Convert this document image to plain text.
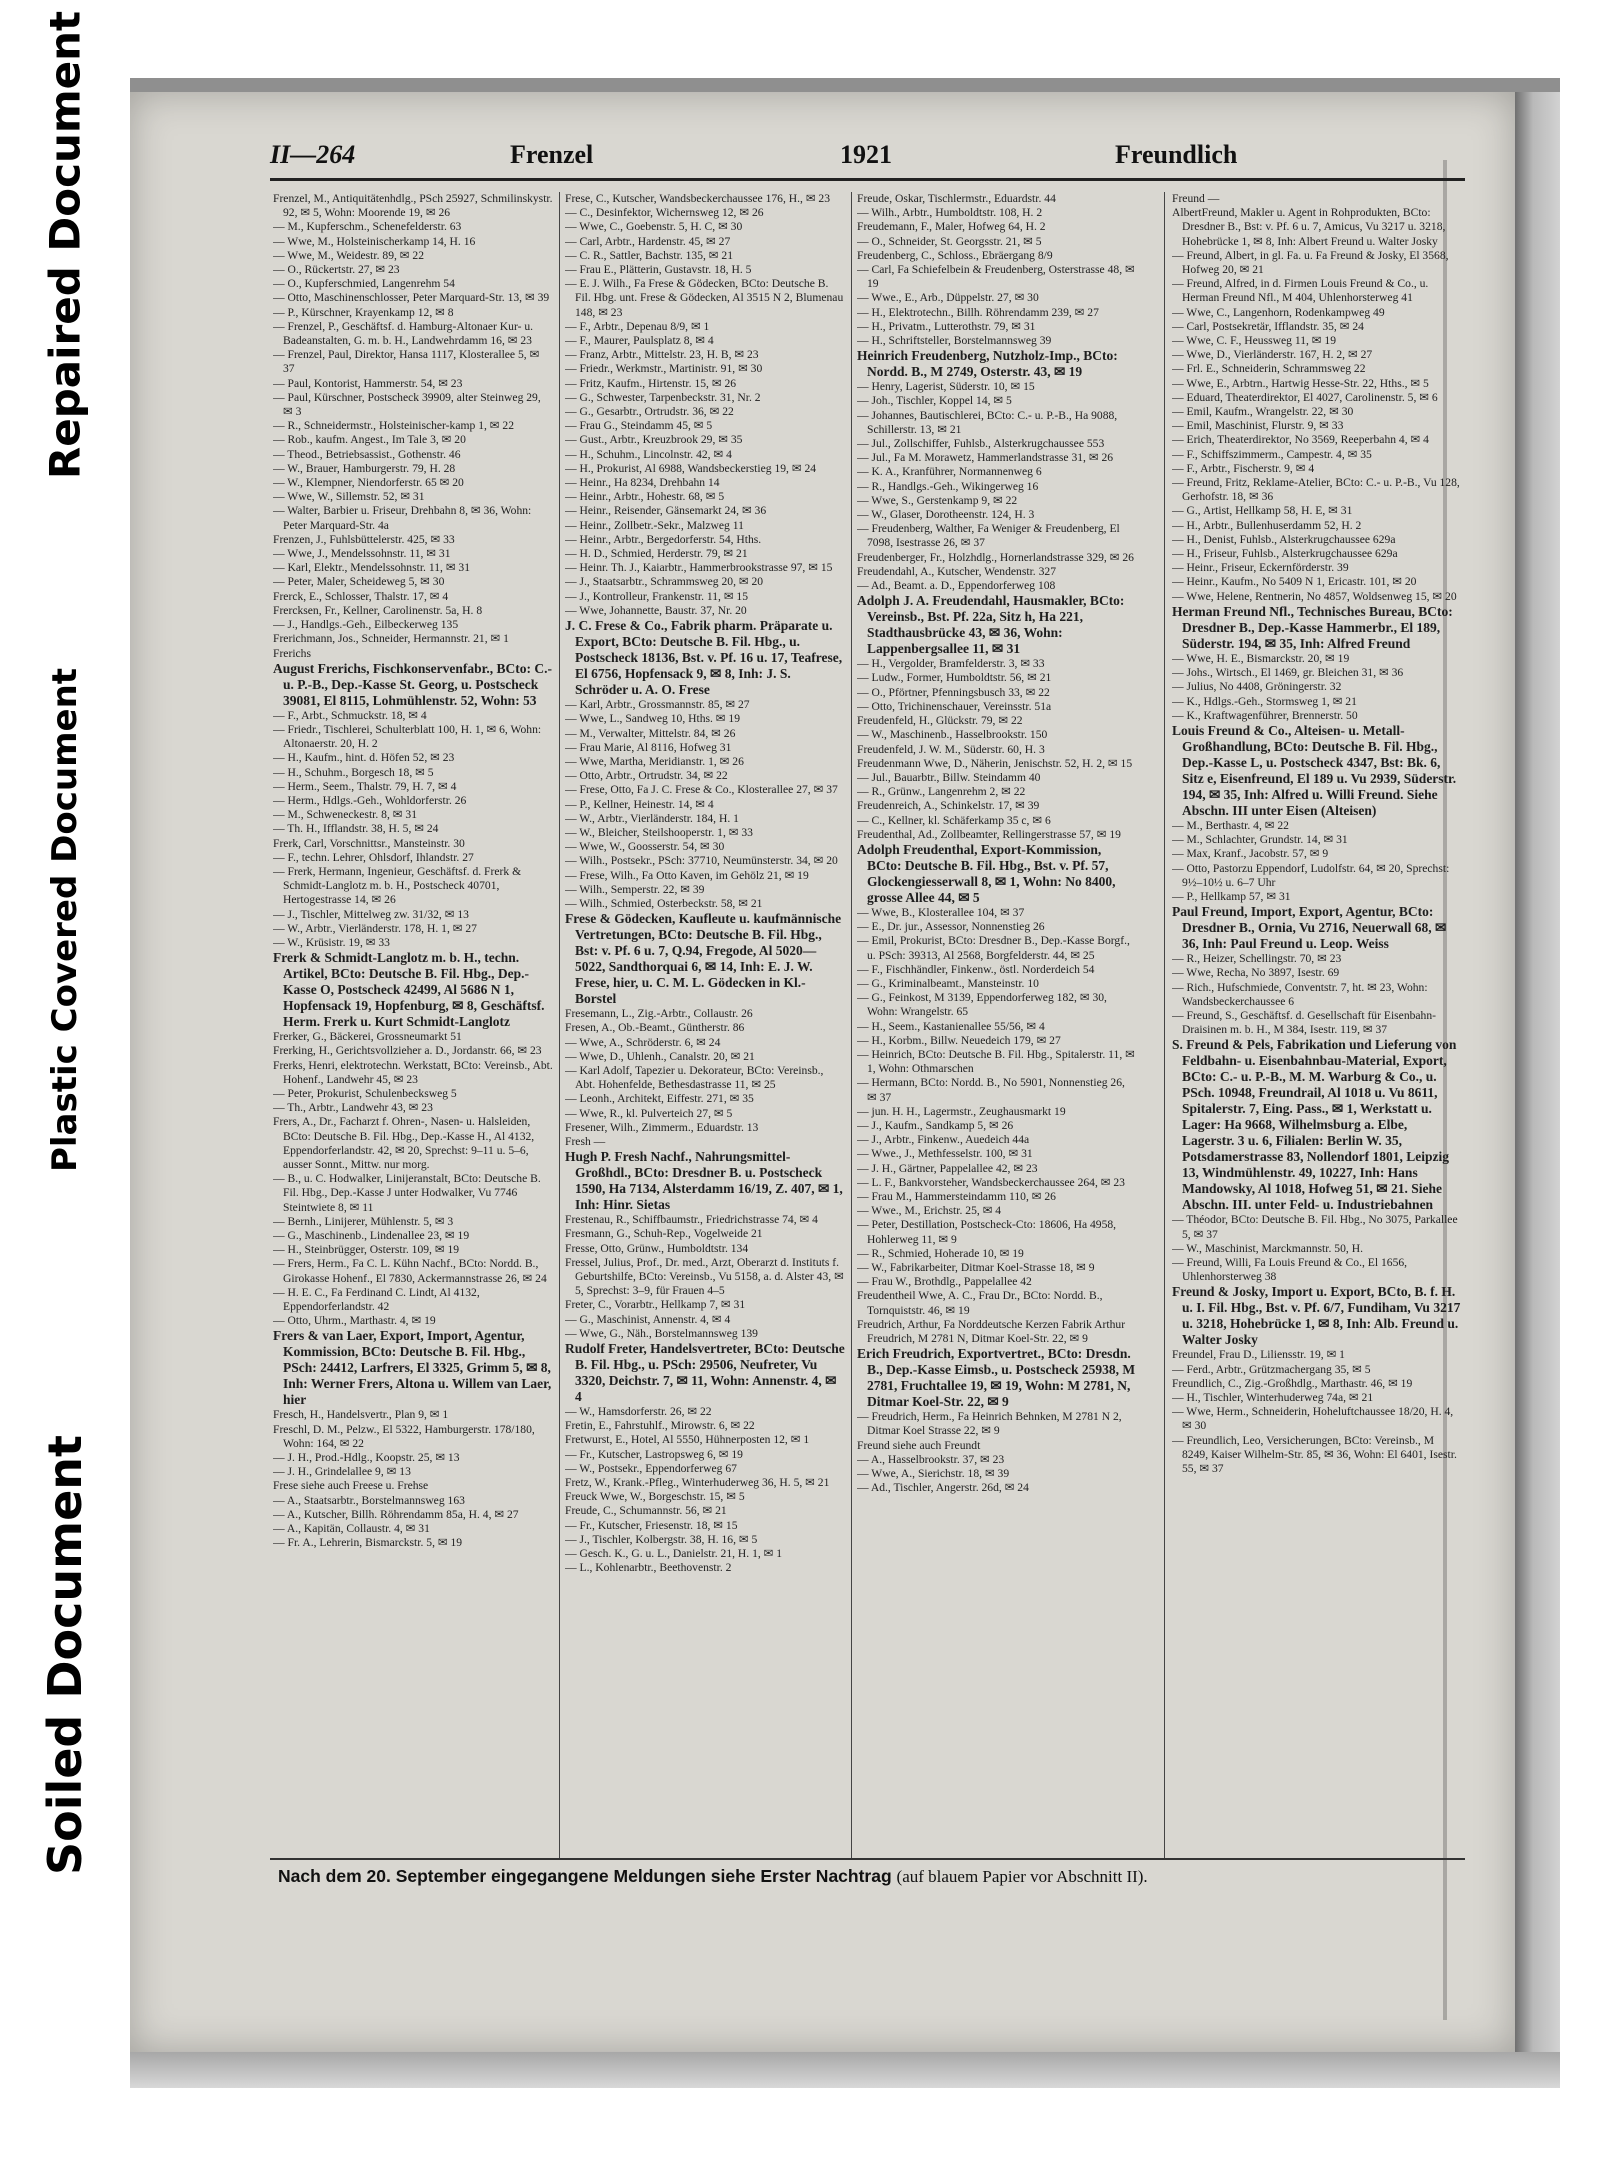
Repaired Document
Plastic Covered Document
Soiled Document
II—264	Frenzel	1921	Freundlich

Frenzel, M., Antiquitätenhdlg., PSch 25927, Schmilinskystr. 92, ✉ 5, Wohn: Moorende 19, ✉ 26

— M., Kupferschm., Schenefelderstr. 63

— Wwe, M., Holsteinischerkamp 14, H. 16

— Wwe, M., Weidestr. 89, ✉ 22

— O., Rückertstr. 27, ✉ 23

— O., Kupferschmied, Langenrehm 54

— Otto, Maschinenschlosser, Peter Marquard-Str. 13, ✉ 39

— P., Kürschner, Krayenkamp 12, ✉ 8

— Frenzel, P., Geschäftsf. d. Hamburg-Altonaer Kur- u. Badeanstalten, G. m. b. H., Landwehrdamm 16, ✉ 23

— Frenzel, Paul, Direktor, Hansa 1117, Klosterallee 5, ✉ 37

— Paul, Kontorist, Hammerstr. 54, ✉ 23

— Paul, Kürschner, Postscheck 39909, alter Steinweg 29, ✉ 3

— R., Schneidermstr., Holsteinischer-kamp 1, ✉ 22

— Rob., kaufm. Angest., Im Tale 3, ✉ 20

— Theod., Betriebsassist., Gothenstr. 46

— W., Brauer, Hamburgerstr. 79, H. 28

— W., Klempner, Niendorferstr. 65 ✉ 20

— Wwe, W., Sillemstr. 52, ✉ 31

— Walter, Barbier u. Friseur, Drehbahn 8, ✉ 36, Wohn: Peter Marquard-Str. 4a

Frenzen, J., Fuhlsbüttelerstr. 425, ✉ 33

— Wwe, J., Mendelssohnstr. 11, ✉ 31

— Karl, Elektr., Mendelssohnstr. 11, ✉ 31

— Peter, Maler, Scheideweg 5, ✉ 30

Frerck, E., Schlosser, Thalstr. 17, ✉ 4

Frercksen, Fr., Kellner, Carolinenstr. 5a, H. 8

— J., Handlgs.-Geh., Eilbeckerweg 135

Frerichmann, Jos., Schneider, Hermannstr. 21, ✉ 1

Frerichs

August Frerichs, Fischkonservenfabr., BCto: C.- u. P.-B., Dep.-Kasse St. Georg, u. Postscheck 39081, El 8115, Lohmühlenstr. 52, Wohn: 53

— F., Arbt., Schmuckstr. 18, ✉ 4

— Friedr., Tischlerei, Schulterblatt 100, H. 1, ✉ 6, Wohn: Altonaerstr. 20, H. 2

— H., Kaufm., hint. d. Höfen 52, ✉ 23

— H., Schuhm., Borgesch 18, ✉ 5

— Herm., Seem., Thalstr. 79, H. 7, ✉ 4

— Herm., Hdlgs.-Geh., Wohldorferstr. 26

— M., Schweneckestr. 8, ✉ 31

— Th. H., Ifflandstr. 38, H. 5, ✉ 24

Frerk, Carl, Vorschnittsr., Mansteinstr. 30

— F., techn. Lehrer, Ohlsdorf, Ihlandstr. 27

— Frerk, Hermann, Ingenieur, Geschäftsf. d. Frerk & Schmidt-Langlotz m. b. H., Postscheck 40701, Hertogestrasse 14, ✉ 26

— J., Tischler, Mittelweg zw. 31/32, ✉ 13

— W., Arbtr., Vierländerstr. 178, H. 1, ✉ 27

— W., Krüsistr. 19, ✉ 33

Frerk & Schmidt-Langlotz m. b. H., techn. Artikel, BCto: Deutsche B. Fil. Hbg., Dep.-Kasse O, Postscheck 42499, Al 5686 N 1, Hopfensack 19, Hopfenburg, ✉ 8, Geschäftsf. Herm. Frerk u. Kurt Schmidt-Langlotz

Frerker, G., Bäckerei, Grossneumarkt 51

Frerking, H., Gerichtsvollzieher a. D., Jordanstr. 66, ✉ 23

Frerks, Henri, elektrotechn. Werkstatt, BCto: Vereinsb., Abt. Hohenf., Landwehr 45, ✉ 23

— Peter, Prokurist, Schulenbecksweg 5

— Th., Arbtr., Landwehr 43, ✉ 23

Frers, A., Dr., Facharzt f. Ohren-, Nasen- u. Halsleiden, BCto: Deutsche B. Fil. Hbg., Dep.-Kasse H., Al 4132, Eppendorferlandstr. 42, ✉ 20, Sprechst: 9–11 u. 5–6, ausser Sonnt., Mittw. nur morg.

— B., u. C. Hodwalker, Linijeranstalt, BCto: Deutsche B. Fil. Hbg., Dep.-Kasse J unter Hodwalker, Vu 7746 Steintwiete 8, ✉ 11

— Bernh., Linijerer, Mühlenstr. 5, ✉ 3

— G., Maschinenb., Lindenallee 23, ✉ 19

— H., Steinbrügger, Osterstr. 109, ✉ 19

— Frers, Herm., Fa C. L. Kühn Nachf., BCto: Nordd. B., Girokasse Hohenf., El 7830, Ackermannstrasse 26, ✉ 24

— H. E. C., Fa Ferdinand C. Lindt, Al 4132, Eppendorferlandstr. 42

— Otto, Uhrm., Marthastr. 4, ✉ 19

Frers & van Laer, Export, Import, Agentur, Kommission, BCto: Deutsche B. Fil. Hbg., PSch: 24412, Larfrers, El 3325, Grimm 5, ✉ 8, Inh: Werner Frers, Altona u. Willem van Laer, hier

Fresch, H., Handelsvertr., Plan 9, ✉ 1

Freschl, D. M., Pelzw., El 5322, Hamburgerstr. 178/180, Wohn: 164, ✉ 22

— J. H., Prod.-Hdlg., Koopstr. 25, ✉ 13

— J. H., Grindelallee 9, ✉ 13

Frese siehe auch Freese u. Frehse

— A., Staatsarbtr., Borstelmannsweg 163

— A., Kutscher, Billh. Röhrendamm 85a, H. 4, ✉ 27

— A., Kapitän, Collaustr. 4, ✉ 31

— Fr. A., Lehrerin, Bismarckstr. 5, ✉ 19

Frese, C., Kutscher, Wandsbeckerchaussee 176, H., ✉ 23

— C., Desinfektor, Wichernsweg 12, ✉ 26

— Wwe, C., Goebenstr. 5, H. C, ✉ 30

— Carl, Arbtr., Hardenstr. 45, ✉ 27

— C. R., Sattler, Bachstr. 135, ✉ 21

— Frau E., Plätterin, Gustavstr. 18, H. 5

— E. J. Wilh., Fa Frese & Gödecken, BCto: Deutsche B. Fil. Hbg. unt. Frese & Gödecken, Al 3515 N 2, Blumenau 148, ✉ 23

— F., Arbtr., Depenau 8/9, ✉ 1

— F., Maurer, Paulsplatz 8, ✉ 4

— Franz, Arbtr., Mittelstr. 23, H. B, ✉ 23

— Friedr., Werkmstr., Martinistr. 91, ✉ 30

— Fritz, Kaufm., Hirtenstr. 15, ✉ 26

— G., Schwester, Tarpenbeckstr. 31, Nr. 2

— G., Gesarbtr., Ortrudstr. 36, ✉ 22

— Frau G., Steindamm 45, ✉ 5

— Gust., Arbtr., Kreuzbrook 29, ✉ 35

— H., Schuhm., Lincolnstr. 42, ✉ 4

— H., Prokurist, Al 6988, Wandsbeckerstieg 19, ✉ 24

— Heinr., Ha 8234, Drehbahn 14

— Heinr., Arbtr., Hohestr. 68, ✉ 5

— Heinr., Reisender, Gänsemarkt 24, ✉ 36

— Heinr., Zollbetr.-Sekr., Malzweg 11

— Heinr., Arbtr., Bergedorferstr. 54, Hths.

— H. D., Schmied, Herderstr. 79, ✉ 21

— Heinr. Th. J., Kaiarbtr., Hammerbrookstrasse 97, ✉ 15

— J., Staatsarbtr., Schrammsweg 20, ✉ 20

— J., Kontrolleur, Frankenstr. 11, ✉ 15

— Wwe, Johannette, Baustr. 37, Nr. 20

J. C. Frese & Co., Fabrik pharm. Präparate u. Export, BCto: Deutsche B. Fil. Hbg., u. Postscheck 18136, Bst. v. Pf. 16 u. 17, Teafrese, El 6756, Hopfensack 9, ✉ 8, Inh: J. S. Schröder u. A. O. Frese

— Karl, Arbtr., Grossmannstr. 85, ✉ 27

— Wwe, L., Sandweg 10, Hths. ✉ 19

— M., Verwalter, Mittelstr. 84, ✉ 26

— Frau Marie, Al 8116, Hofweg 31

— Wwe, Martha, Meridianstr. 1, ✉ 26

— Otto, Arbtr., Ortrudstr. 34, ✉ 22

— Frese, Otto, Fa J. C. Frese & Co., Klosterallee 27, ✉ 37

— P., Kellner, Heinestr. 14, ✉ 4

— W., Arbtr., Vierländerstr. 184, H. 1

— W., Bleicher, Steilshooperstr. 1, ✉ 33

— Wwe, W., Goosserstr. 54, ✉ 30

— Wilh., Postsekr., PSch: 37710, Neumünsterstr. 34, ✉ 20

— Frese, Wilh., Fa Otto Kaven, im Gehölz 21, ✉ 19

— Wilh., Semperstr. 22, ✉ 39

— Wilh., Schmied, Osterbeckstr. 58, ✉ 21

Frese & Gödecken, Kaufleute u. kaufmännische Vertretungen, BCto: Deutsche B. Fil. Hbg., Bst: v. Pf. 6 u. 7, Q.94, Fregode, Al 5020—5022, Sandthorquai 6, ✉ 14, Inh: E. J. W. Frese, hier, u. C. M. L. Gödecken in Kl.-Borstel

Fresemann, L., Zig.-Arbtr., Collaustr. 26

Fresen, A., Ob.-Beamt., Güntherstr. 86

— Wwe, A., Schröderstr. 6, ✉ 24

— Wwe, D., Uhlenh., Canalstr. 20, ✉ 21

— Karl Adolf, Tapezier u. Dekorateur, BCto: Vereinsb., Abt. Hohenfelde, Bethesdastrasse 11, ✉ 25

— Leonh., Architekt, Eiffestr. 271, ✉ 35

— Wwe, R., kl. Pulverteich 27, ✉ 5

Fresener, Wilh., Zimmerm., Eduardstr. 13

Fresh —

Hugh P. Fresh Nachf., Nahrungsmittel-Großhdl., BCto: Dresdner B. u. Postscheck 1590, Ha 7134, Alsterdamm 16/19, Z. 407, ✉ 1, Inh: Hinr. Sietas

Frestenau, R., Schiffbaumstr., Friedrichstrasse 74, ✉ 4

Fresmann, G., Schuh-Rep., Vogelweide 21

Fresse, Otto, Grünw., Humboldtstr. 134

Fressel, Julius, Prof., Dr. med., Arzt, Oberarzt d. Instituts f. Geburtshilfe, BCto: Vereinsb., Vu 5158, a. d. Alster 43, ✉ 5, Sprechst: 3–9, für Frauen 4–5

Freter, C., Vorarbtr., Hellkamp 7, ✉ 31

— G., Maschinist, Annenstr. 4, ✉ 4

— Wwe, G., Näh., Borstelmannsweg 139

Rudolf Freter, Handelsvertreter, BCto: Deutsche B. Fil. Hbg., u. PSch: 29506, Neufreter, Vu 3320, Deichstr. 7, ✉ 11, Wohn: Annenstr. 4, ✉ 4

— W., Hamsdorferstr. 26, ✉ 22

Fretin, E., Fahrstuhlf., Mirowstr. 6, ✉ 22

Fretwurst, E., Hotel, Al 5550, Hühnerposten 12, ✉ 1

— Fr., Kutscher, Lastropsweg 6, ✉ 19

— W., Postsekr., Eppendorferweg 67

Fretz, W., Krank.-Pfleg., Winterhuderweg 36, H. 5, ✉ 21

Freuck Wwe, W., Borgeschstr. 15, ✉ 5

Freude, C., Schumannstr. 56, ✉ 21

— Fr., Kutscher, Friesenstr. 18, ✉ 15

— J., Tischler, Kolbergstr. 38, H. 16, ✉ 5

— Gesch. K., G. u. L., Danielstr. 21, H. 1, ✉ 1

— L., Kohlenarbtr., Beethovenstr. 2

Freude, Oskar, Tischlermstr., Eduardstr. 44

— Wilh., Arbtr., Humboldtstr. 108, H. 2

Freudemann, F., Maler, Hofweg 64, H. 2

— O., Schneider, St. Georgsstr. 21, ✉ 5

Freudenberg, C., Schloss., Ebräergang 8/9

— Carl, Fa Schiefelbein & Freudenberg, Osterstrasse 48, ✉ 19

— Wwe., E., Arb., Düppelstr. 27, ✉ 30

— H., Elektrotechn., Billh. Röhrendamm 239, ✉ 27

— H., Privatm., Lutterothstr. 79, ✉ 31

— H., Schriftsteller, Borstelmannsweg 39

Heinrich Freudenberg, Nutzholz-Imp., BCto: Nordd. B., M 2749, Osterstr. 43, ✉ 19

— Henry, Lagerist, Süderstr. 10, ✉ 15

— Joh., Tischler, Koppel 14, ✉ 5

— Johannes, Bautischlerei, BCto: C.- u. P.-B., Ha 9088, Schillerstr. 13, ✉ 21

— Jul., Zollschiffer, Fuhlsb., Alsterkrugchaussee 553

— Jul., Fa M. Morawetz, Hammerlandstrasse 31, ✉ 26

— K. A., Kranführer, Normannenweg 6

— R., Handlgs.-Geh., Wikingerweg 16

— Wwe, S., Gerstenkamp 9, ✉ 22

— W., Glaser, Dorotheenstr. 124, H. 3

— Freudenberg, Walther, Fa Weniger & Freudenberg, El 7098, Isestrasse 26, ✉ 37

Freudenberger, Fr., Holzhdlg., Hornerlandstrasse 329, ✉ 26

Freudendahl, A., Kutscher, Wendenstr. 327

— Ad., Beamt. a. D., Eppendorferweg 108

Adolph J. A. Freudendahl, Hausmakler, BCto: Vereinsb., Bst. Pf. 22a, Sitz h, Ha 221, Stadthausbrücke 43, ✉ 36, Wohn: Lappenbergsallee 11, ✉ 31

— H., Vergolder, Bramfelderstr. 3, ✉ 33

— Ludw., Former, Humboldtstr. 56, ✉ 21

— O., Pförtner, Pfenningsbusch 33, ✉ 22

— Otto, Trichinenschauer, Vereinsstr. 51a

Freudenfeld, H., Glückstr. 79, ✉ 22

— W., Maschinenb., Hasselbrookstr. 150

Freudenfeld, J. W. M., Süderstr. 60, H. 3

Freudenmann Wwe, D., Näherin, Jenischstr. 52, H. 2, ✉ 15

— Jul., Bauarbtr., Billw. Steindamm 40

— R., Grünw., Langenrehm 2, ✉ 22

Freudenreich, A., Schinkelstr. 17, ✉ 39

— C., Kellner, kl. Schäferkamp 35 c, ✉ 6

Freudenthal, Ad., Zollbeamter, Rellingerstrasse 57, ✉ 19

Adolph Freudenthal, Export-Kommission, BCto: Deutsche B. Fil. Hbg., Bst. v. Pf. 57, Glockengiesserwall 8, ✉ 1, Wohn: No 8400, grosse Allee 44, ✉ 5

— Wwe, B., Klosterallee 104, ✉ 37

— E., Dr. jur., Assessor, Nonnenstieg 26

— Emil, Prokurist, BCto: Dresdner B., Dep.-Kasse Borgf., u. PSch: 39313, Al 2568, Borgfelderstr. 44, ✉ 25

— F., Fischhändler, Finkenw., östl. Norderdeich 54

— G., Kriminalbeamt., Mansteinstr. 10

— G., Feinkost, M 3139, Eppendorferweg 182, ✉ 30, Wohn: Wrangelstr. 65

— H., Seem., Kastanienallee 55/56, ✉ 4

— H., Korbm., Billw. Neuedeich 179, ✉ 27

— Heinrich, BCto: Deutsche B. Fil. Hbg., Spitalerstr. 11, ✉ 1, Wohn: Othmarschen

— Hermann, BCto: Nordd. B., No 5901, Nonnenstieg 26, ✉ 37

— jun. H. H., Lagermstr., Zeughausmarkt 19

— J., Kaufm., Sandkamp 5, ✉ 26

— J., Arbtr., Finkenw., Auedeich 44a

— Wwe., J., Methfesselstr. 100, ✉ 31

— J. H., Gärtner, Pappelallee 42, ✉ 23

— L. F., Bankvorsteher, Wandsbeckerchaussee 264, ✉ 23

— Frau M., Hammersteindamm 110, ✉ 26

— Wwe., M., Erichstr. 25, ✉ 4

— Peter, Destillation, Postscheck-Cto: 18606, Ha 4958, Hohlerweg 11, ✉ 9

— R., Schmied, Hoherade 10, ✉ 19

— W., Fabrikarbeiter, Ditmar Koel-Strasse 18, ✉ 9

— Frau W., Brothdlg., Pappelallee 42

Freudentheil Wwe, A. C., Frau Dr., BCto: Nordd. B., Tornquiststr. 46, ✉ 19

Freudrich, Arthur, Fa Norddeutsche Kerzen Fabrik Arthur Freudrich, M 2781 N, Ditmar Koel-Str. 22, ✉ 9

Erich Freudrich, Exportvertret., BCto: Dresdn. B., Dep.-Kasse Eimsb., u. Postscheck 25938, M 2781, Fruchtallee 19, ✉ 19, Wohn: M 2781, N, Ditmar Koel-Str. 22, ✉ 9

— Freudrich, Herm., Fa Heinrich Behnken, M 2781 N 2, Ditmar Koel Strasse 22, ✉ 9

Freund siehe auch Freundt

— A., Hasselbrookstr. 37, ✉ 23

— Wwe, A., Sierichstr. 18, ✉ 39

— Ad., Tischler, Angerstr. 26d, ✉ 24

Freund —

AlbertFreund, Makler u. Agent in Rohprodukten, BCto: Dresdner B., Bst: v. Pf. 6 u. 7, Amicus, Vu 3217 u. 3218, Hohebrücke 1, ✉ 8, Inh: Albert Freund u. Walter Josky

— Freund, Albert, in gl. Fa. u. Fa Freund & Josky, El 3568, Hofweg 20, ✉ 21

— Freund, Alfred, in d. Firmen Louis Freund & Co., u. Herman Freund Nfl., M 404, Uhlenhorsterweg 41

— Wwe, C., Langenhorn, Rodenkampweg 49

— Carl, Postsekretär, Ifflandstr. 35, ✉ 24

— Wwe, C. F., Heussweg 11, ✉ 19

— Wwe, D., Vierländerstr. 167, H. 2, ✉ 27

— Frl. E., Schneiderin, Schrammsweg 22

— Wwe, E., Arbtrn., Hartwig Hesse-Str. 22, Hths., ✉ 5

— Eduard, Theaterdirektor, El 4027, Carolinenstr. 5, ✉ 6

— Emil, Kaufm., Wrangelstr. 22, ✉ 30

— Emil, Maschinist, Flurstr. 9, ✉ 33

— Erich, Theaterdirektor, No 3569, Reeperbahn 4, ✉ 4

— F., Schiffszimmerm., Campestr. 4, ✉ 35

— F., Arbtr., Fischerstr. 9, ✉ 4

— Freund, Fritz, Reklame-Atelier, BCto: C.- u. P.-B., Vu 128, Gerhofstr. 18, ✉ 36

— G., Artist, Hellkamp 58, H. E, ✉ 31

— H., Arbtr., Bullenhuserdamm 52, H. 2

— H., Denist, Fuhlsb., Alsterkrugchaussee 629a

— H., Friseur, Fuhlsb., Alsterkrugchaussee 629a

— Heinr., Friseur, Eckernförderstr. 39

— Heinr., Kaufm., No 5409 N 1, Ericastr. 101, ✉ 20

— Wwe, Helene, Rentnerin, No 4857, Woldsenweg 15, ✉ 20

Herman Freund Nfl., Technisches Bureau, BCto: Dresdner B., Dep.-Kasse Hammerbr., El 189, Süderstr. 194, ✉ 35, Inh: Alfred Freund

— Wwe, H. E., Bismarckstr. 20, ✉ 19

— Johs., Wirtsch., El 1469, gr. Bleichen 31, ✉ 36

— Julius, No 4408, Gröningerstr. 32

— K., Hdlgs.-Geh., Stormsweg 1, ✉ 21

— K., Kraftwagenführer, Brennerstr. 50

Louis Freund & Co., Alteisen- u. Metall-Großhandlung, BCto: Deutsche B. Fil. Hbg., Dep.-Kasse L, u. Postscheck 4347, Bst: Bk. 6, Sitz e, Eisenfreund, El 189 u. Vu 2939, Süderstr. 194, ✉ 35, Inh: Alfred u. Willi Freund. Siehe Abschn. III unter Eisen (Alteisen)

— M., Berthastr. 4, ✉ 22

— M., Schlachter, Grundstr. 14, ✉ 31

— Max, Kranf., Jacobstr. 57, ✉ 9

— Otto, Pastorzu Eppendorf, Ludolfstr. 64, ✉ 20, Sprechst: 9½–10½ u. 6–7 Uhr

— P., Hellkamp 57, ✉ 31

Paul Freund, Import, Export, Agentur, BCto: Dresdner B., Ornia, Vu 2716, Neuerwall 68, ✉ 36, Inh: Paul Freund u. Leop. Weiss

— R., Heizer, Schellingstr. 70, ✉ 23

— Wwe, Recha, No 3897, Isestr. 69

— Rich., Hufschmiede, Conventstr. 7, ht. ✉ 23, Wohn: Wandsbeckerchaussee 6

— Freund, S., Geschäftsf. d. Gesellschaft für Eisenbahn-Draisinen m. b. H., M 384, Isestr. 119, ✉ 37

S. Freund & Pels, Fabrikation und Lieferung von Feldbahn- u. Eisenbahnbau-Material, Export, BCto: C.- u. P.-B., M. M. Warburg & Co., u. PSch. 10948, Freundrail, Al 1018 u. Vu 8611, Spitalerstr. 7, Eing. Pass., ✉ 1, Werkstatt u. Lager: Ha 9668, Wilhelmsburg a. Elbe, Lagerstr. 3 u. 6, Filialen: Berlin W. 35, Potsdamerstrasse 83, Nollendorf 1801, Leipzig 13, Windmühlenstr. 49, 10227, Inh: Hans Mandowsky, Al 1018, Hofweg 51, ✉ 21. Siehe Abschn. III. unter Feld- u. Industriebahnen

— Théodor, BCto: Deutsche B. Fil. Hbg., No 3075, Parkallee 5, ✉ 37

— W., Maschinist, Marckmannstr. 50, H.

— Freund, Willi, Fa Louis Freund & Co., El 1656, Uhlenhorsterweg 38

Freund & Josky, Import u. Export, BCto, B. f. H. u. I. Fil. Hbg., Bst. v. Pf. 6/7, Fundiham, Vu 3217 u. 3218, Hohebrücke 1, ✉ 8, Inh: Alb. Freund u. Walter Josky

Freundel, Frau D., Liliensstr. 19, ✉ 1

— Ferd., Arbtr., Grützmachergang 35, ✉ 5

Freundlich, C., Zig.-Großhdlg., Marthastr. 46, ✉ 19

— H., Tischler, Winterhuderweg 74a, ✉ 21

— Wwe, Herm., Schneiderin, Hoheluftchaussee 18/20, H. 4, ✉ 30

— Freundlich, Leo, Versicherungen, BCto: Vereinsb., M 8249, Kaiser Wilhelm-Str. 85, ✉ 36, Wohn: El 6401, Isestr. 55, ✉ 37

Nach dem 20. September eingegangene Meldungen siehe Erster Nachtrag (auf blauem Papier vor Abschnitt II).
